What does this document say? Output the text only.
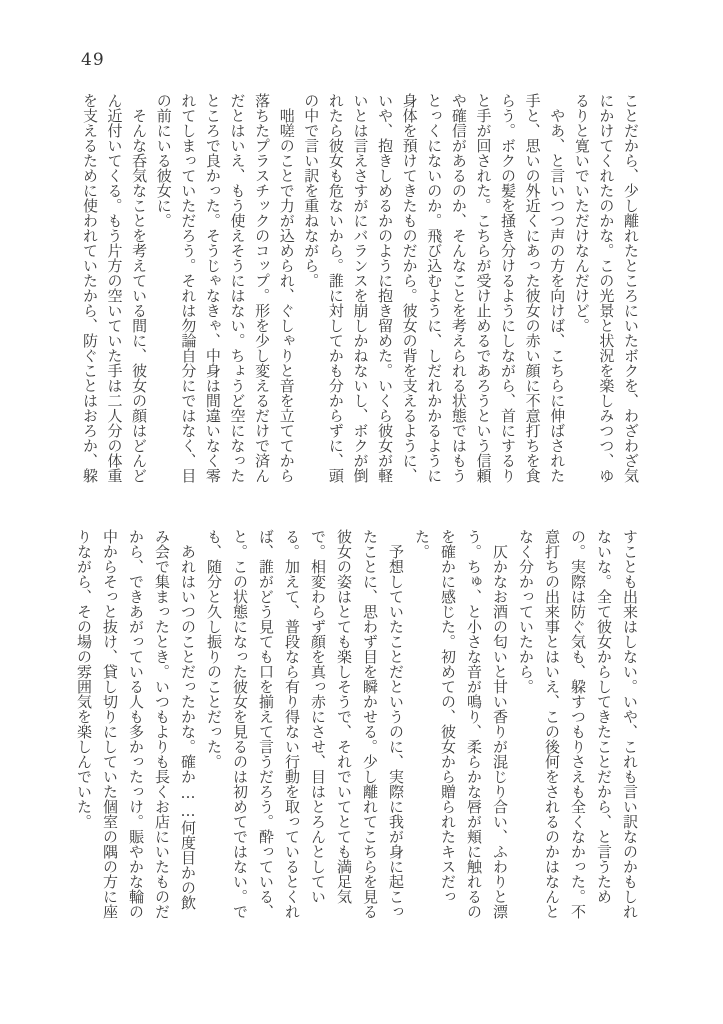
49

ことだから、少し離れたところにいたボクを、わざわざ気にかけてくれたのかな。この光景と状況を楽しみつつ、ゆるりと寛いでいただけなんだけど。

　やあ、と言いつつ声の方を向けば、こちらに伸ばされた手と、思いの外近くにあった彼女の赤い顔に不意打ちを食らう。ボクの髪を掻き分けるようにしながら、首にするりと手が回された。こちらが受け止めるであろうという信頼や確信があるのか、そんなことを考えられる状態ではもうとっくにないのか。飛び込むように、しだれかかるように身体を預けてきたものだから。彼女の背を支えるように、いや、抱きしめるかのように抱き留めた。いくら彼女が軽いとは言えさすがにバランスを崩しかねないし、ボクが倒れたら彼女も危ないから。誰に対してかも分からずに、頭の中で言い訳を重ねながら。

　咄嗟のことで力が込められ、ぐしゃりと音を立ててから落ちたプラスチックのコップ。形を少し変えるだけで済んだとはいえ、もう使えそうにはない。ちょうど空になったところで良かった。そうじゃなきゃ、中身は間違いなく零れてしまっていただろう。それは勿論自分にではなく、目の前にいる彼女に。

　そんな呑気なことを考えている間に、彼女の顔はどんどん近付いてくる。もう片方の空いていた手は二人分の体重を支えるために使われていたから、防ぐことはおろか、躱

すことも出来はしない。いや、これも言い訳なのかもしれないな。全て彼女からしてきたことだから、と言うための。実際は防ぐ気も、躱すつもりさえも全くなかった。不意打ちの出来事とはいえ、この後何をされるのかはなんとなく分かっていたから。

　仄かなお酒の匂いと甘い香りが混じり合い、ふわりと漂う。ちゅ、と小さな音が鳴り、柔らかな唇が頬に触れるのを確かに感じた。初めての、彼女から贈られたキスだった。

　予想していたことだというのに、実際に我が身に起こったことに、思わず目を瞬かせる。少し離れてこちらを見る彼女の姿はとても楽しそうで、それでいてとても満足気で。相変わらず顔を真っ赤にさせ、目はとろんとしている。加えて、普段なら有り得ない行動を取っているとくれば、誰がどう見ても口を揃えて言うだろう。酔っている、と。この状態になった彼女を見るのは初めてではない。でも、随分と久し振りのことだった。

　あれはいつのことだったかな。確か……何度目かの飲み会で集まったとき。いつもよりも長くお店にいたものだから、できあがっている人も多かったっけ。賑やかな輪の中からそっと抜け、貸し切りにしていた個室の隅の方に座りながら、その場の雰囲気を楽しんでいた。
